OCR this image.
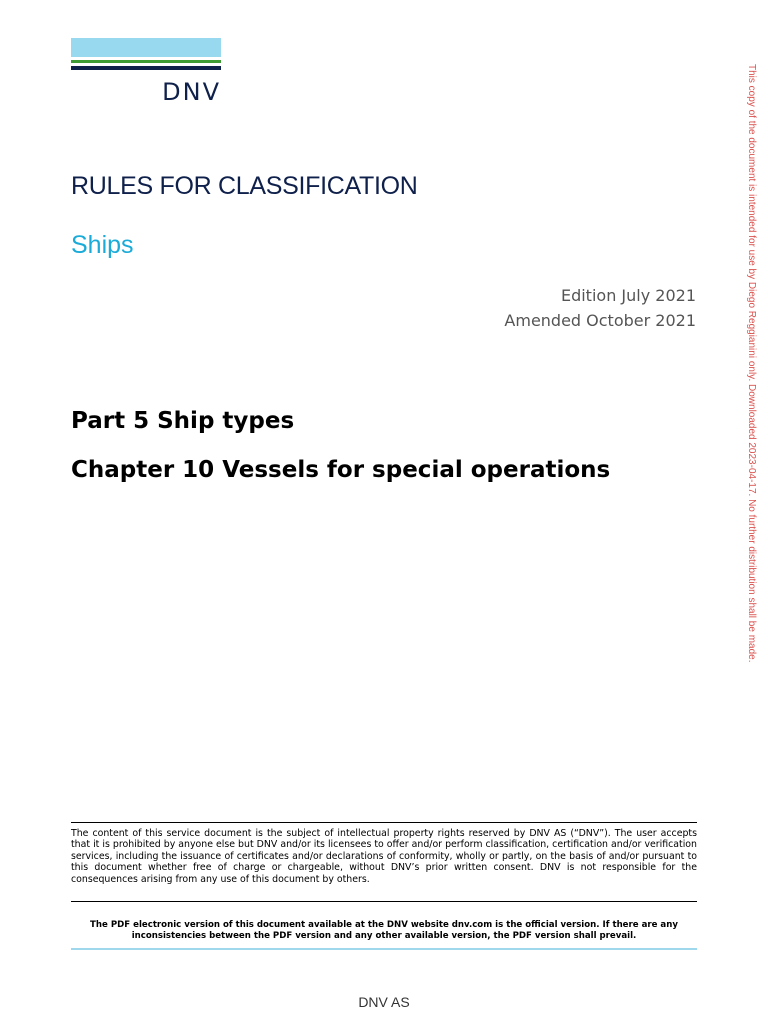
DNV
RULES FOR CLASSIFICATION
Ships
Edition July 2021
Amended October 2021
Part 5 Ship types
Chapter 10 Vessels for special operations	This copy of the document is intended for use by Diego Reggianini only. Downloaded 2023-04-17. No further distribution shall be made.
The content of this service document is the subject of intellectual property rights reserved by DNV AS (“DNV”). The user accepts that it is prohibited by anyone else but DNV and/or its licensees to offer and/or perform classification, certification and/or verification services, including the issuance of certificates and/or declarations of conformity, wholly or partly, on the basis of and/or pursuant to this document whether free of charge or chargeable, without DNV’s prior written consent. DNV is not responsible for the consequences arising from any use of this document by others.
The PDF electronic version of this document available at the DNV website dnv.com is the official version. If there are any inconsistencies between the PDF version and any other available version, the PDF version shall prevail.
DNV AS
